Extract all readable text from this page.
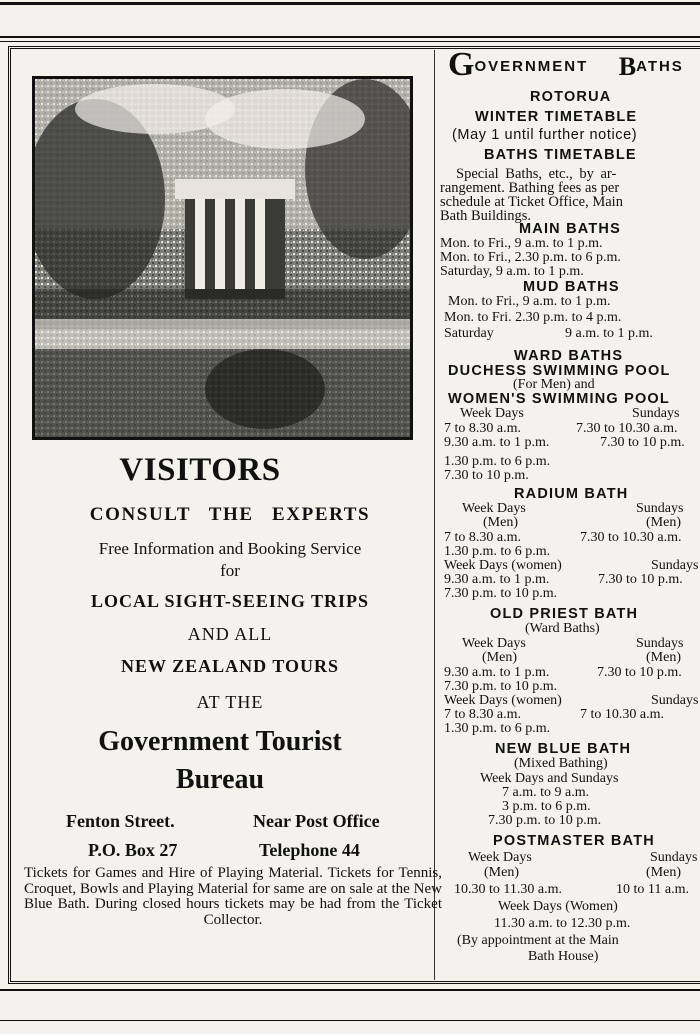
VISITORS
CONSULT THE EXPERTS
Free Information and Booking Service
for
LOCAL SIGHT-SEEING TRIPS
AND ALL
NEW ZEALAND TOURS
AT THE
Government Tourist
Bureau
Fenton Street.	Near Post Office
P.O. Box 27	Telephone 44
Tickets for Games and Hire of Playing Material. Tickets for Tennis, Croquet, Bowls and Playing Material for same are on sale at the New Blue Bath. During closed hours tickets may be had from the Ticket Collector.
GOVERNMENT BATHS
ROTORUA
WINTER TIMETABLE
(May 1 until further notice)
BATHS TIMETABLE
Special Baths, etc., by ar-
rangement. Bathing fees as per
schedule at Ticket Office, Main
Bath Buildings.
MAIN BATHS
Mon. to Fri., 9 a.m. to 1 p.m.
Mon. to Fri., 2.30 p.m. to 6 p.m.
Saturday, 9 a.m. to 1 p.m.
MUD BATHS
Mon. to Fri., 9 a.m. to 1 p.m.
Mon. to Fri. 2.30 p.m. to 4 p.m.
Saturday	9 a.m. to 1 p.m.
WARD BATHS
DUCHESS SWIMMING POOL
(For Men) and
WOMEN'S SWIMMING POOL
Week Days	Sundays
7 to 8.30 a.m.	7.30 to 10.30 a.m.
9.30 a.m. to 1 p.m.	7.30 to 10 p.m.
1.30 p.m. to 6 p.m.
7.30 to 10 p.m.
RADIUM BATH
Week Days	Sundays
(Men)	(Men)
7 to 8.30 a.m.	7.30 to 10.30 a.m.
1.30 p.m. to 6 p.m.
Week Days (women)	Sundays
9.30 a.m. to 1 p.m.	7.30 to 10 p.m.
7.30 p.m. to 10 p.m.
OLD PRIEST BATH
(Ward Baths)
Week Days	Sundays
(Men)	(Men)
9.30 a.m. to 1 p.m.	7.30 to 10 p.m.
7.30 p.m. to 10 p.m.
Week Days (women)	Sundays
7 to 8.30 a.m.	7 to 10.30 a.m.
1.30 p.m. to 6 p.m.
NEW BLUE BATH
(Mixed Bathing)
Week Days and Sundays
7 a.m. to 9 a.m.
3 p.m. to 6 p.m.
7.30 p.m. to 10 p.m.
POSTMASTER BATH
Week Days	Sundays
(Men)	(Men)
10.30 to 11.30 a.m.	10 to 11 a.m.
Week Days (Women)
11.30 a.m. to 12.30 p.m.
(By appointment at the Main
Bath House)
